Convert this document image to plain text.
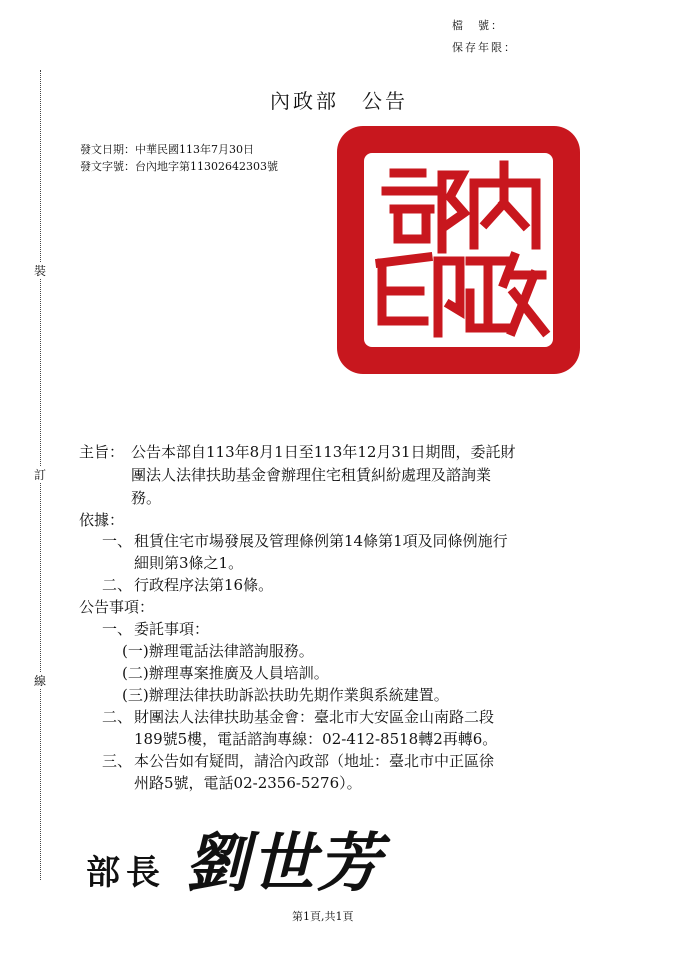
檔　號：
保存年限：
裝
訂
線
內政部　公告
發文日期：中華民國113年7月30日
發文字號：台內地字第11302642303號
主旨： 公告本部自113年8月1日至113年12月31日期間，委託財
團法人法律扶助基金會辦理住宅租賃糾紛處理及諮詢業
務。
依據：
一、 租賃住宅市場發展及管理條例第14條第1項及同條例施行
細則第3條之1。
二、 行政程序法第16條。
公告事項：
一、 委託事項：
(一)辦理電話法律諮詢服務。
(二)辦理專案推廣及人員培訓。
(三)辦理法律扶助訴訟扶助先期作業與系統建置。
二、 財團法人法律扶助基金會：臺北市大安區金山南路二段
189號5樓，電話諮詢專線：02-412-8518轉2再轉6。
三、 本公告如有疑問，請洽內政部（地址：臺北市中正區徐
州路5號，電話02-2356-5276）。
部長 劉世芳
第1頁,共1頁
